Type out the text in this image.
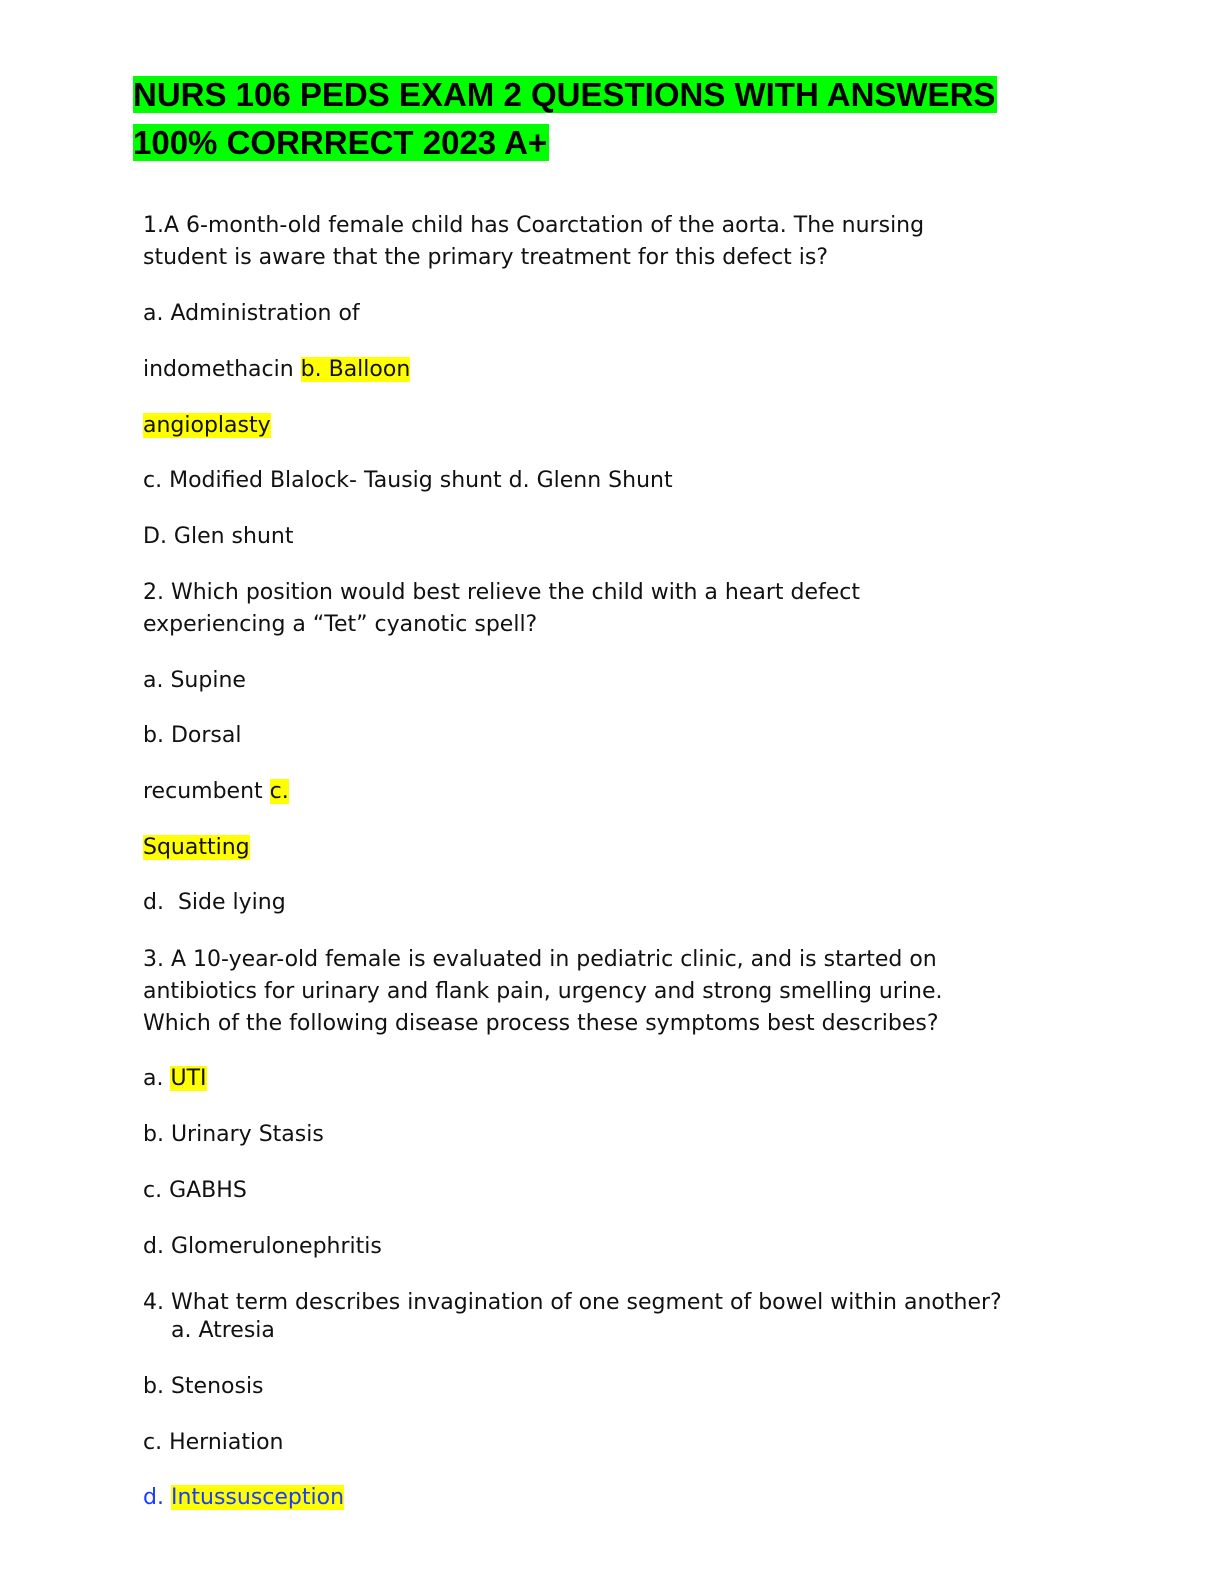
NURS 106 PEDS EXAM 2 QUESTIONS WITH ANSWERS
100% CORRRECT 2023 A+
1.A 6-month-old female child has Coarctation of the aorta. The nursing
student is aware that the primary treatment for this defect is?
a. Administration of
indomethacin b. Balloon
angioplasty
c. Modified Blalock- Tausig shunt d. Glenn Shunt
D. Glen shunt
2. Which position would best relieve the child with a heart defect
experiencing a “Tet” cyanotic spell?
a. Supine
b. Dorsal
recumbent c.
Squatting
d.  Side lying
3. A 10-year-old female is evaluated in pediatric clinic, and is started on
antibiotics for urinary and flank pain, urgency and strong smelling urine.
Which of the following disease process these symptoms best describes?
a. UTI
b. Urinary Stasis
c. GABHS
d. Glomerulonephritis
4. What term describes invagination of one segment of bowel within another?
a. Atresia
b. Stenosis
c. Herniation
d. Intussusception
